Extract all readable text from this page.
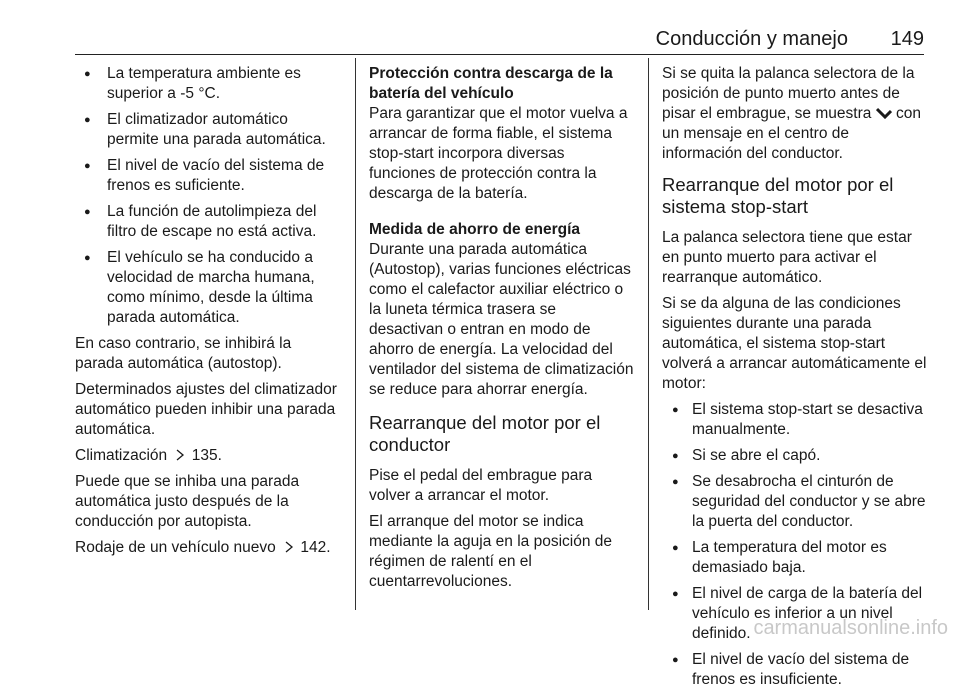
Conducción y manejo 149
● La temperatura ambiente es superior a -5 °C.
● El climatizador automático permite una parada automática.
● El nivel de vacío del sistema de frenos es suficiente.
● La función de autolimpieza del filtro de escape no está activa.
● El vehículo se ha conducido a velocidad de marcha humana, como mínimo, desde la última parada automática.

En caso contrario, se inhibirá la parada automática (autostop).

Determinados ajustes del climatizador automático pueden inhibir una parada automática.

Climatización 135.

Puede que se inhiba una parada automática justo después de la conducción por autopista.

Rodaje de un vehículo nuevo 142.

Protección contra descarga de la batería del vehículo

Para garantizar que el motor vuelva a arrancar de forma fiable, el sistema stop-start incorpora diversas funciones de protección contra la descarga de la batería.

Medida de ahorro de energía

Durante una parada automática (Autostop), varias funciones eléctricas como el calefactor auxiliar eléctrico o la luneta térmica trasera se desactivan o entran en modo de ahorro de energía. La velocidad del ventilador del sistema de climatización se reduce para ahorrar energía.

Rearranque del motor por el conductor

Pise el pedal del embrague para volver a arrancar el motor.

El arranque del motor se indica mediante la aguja en la posición de régimen de ralentí en el cuentarrevoluciones.

Si se quita la palanca selectora de la posición de punto muerto antes de pisar el embrague, se muestra con un mensaje en el centro de información del conductor.

Rearranque del motor por el sistema stop-start

La palanca selectora tiene que estar en punto muerto para activar el rearranque automático.

Si se da alguna de las condiciones siguientes durante una parada automática, el sistema stop-start volverá a arrancar automáticamente el motor:

● El sistema stop-start se desactiva manualmente.
● Si se abre el capó.
● Se desabrocha el cinturón de seguridad del conductor y se abre la puerta del conductor.
● La temperatura del motor es demasiado baja.
● El nivel de carga de la batería del vehículo es inferior a un nivel definido.
● El nivel de vacío del sistema de frenos es insuficiente.
carmanualsonline.info
